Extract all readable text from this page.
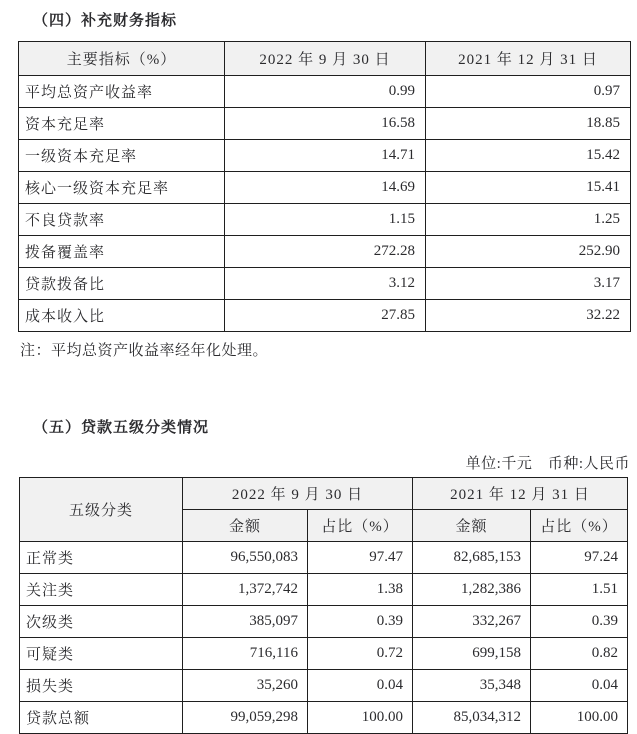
（四）补充财务指标
主要指标（%）	2022 年 9 月 30 日	2021 年 12 月 31 日
平均总资产收益率	0.99	0.97
资本充足率	16.58	18.85
一级资本充足率	14.71	15.42
核心一级资本充足率	14.69	15.41
不良贷款率	1.15	1.25
拨备覆盖率	272.28	252.90
贷款拨备比	3.12	3.17
成本收入比	27.85	32.22
注：平均总资产收益率经年化处理。
（五）贷款五级分类情况
单位:千元　币种:人民币
五级分类	2022 年 9 月 30 日		2021 年 12 月 31 日	
	金额	占比（%）	金额	占比（%）
正常类	96,550,083	97.47	82,685,153	97.24
关注类	1,372,742	1.38	1,282,386	1.51
次级类	385,097	0.39	332,267	0.39
可疑类	716,116	0.72	699,158	0.82
损失类	35,260	0.04	35,348	0.04
贷款总额	99,059,298	100.00	85,034,312	100.00
